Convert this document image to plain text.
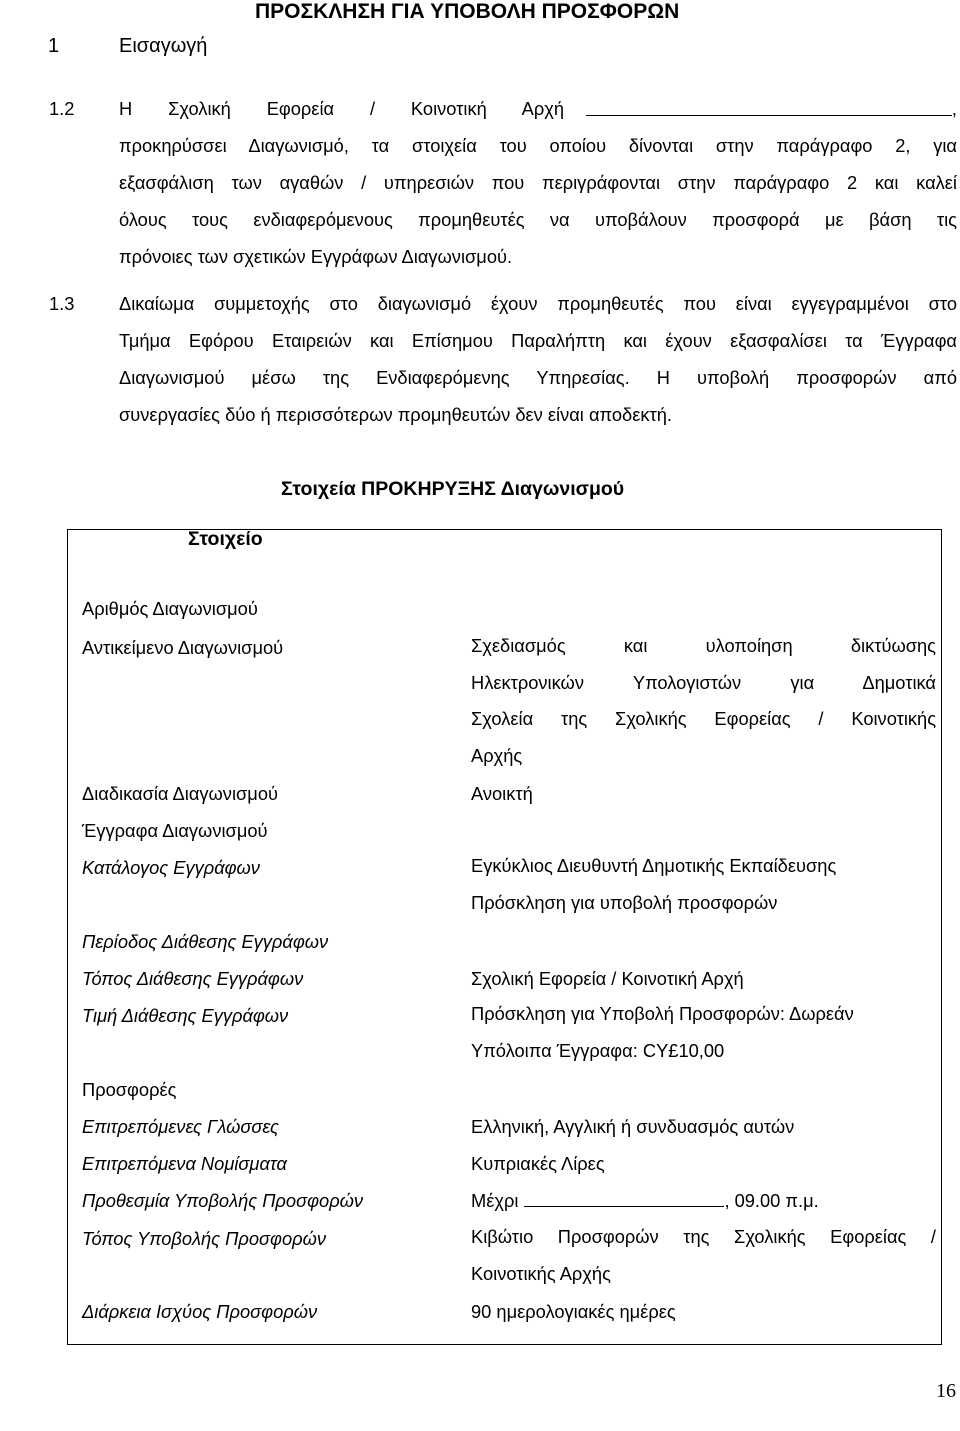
ΠΡΟΣΚΛΗΣΗ ΓΙΑ ΥΠΟΒΟΛΗ ΠΡΟΣΦΟΡΩΝ
1	Εισαγωγή
1.2	Η Σχολική Εφορεία / Κοινοτική Αρχή	,
προκηρύσσει Διαγωνισμό, τα στοιχεία του οποίου δίνονται στην παράγραφο 2, για
εξασφάλιση των αγαθών / υπηρεσιών που περιγράφονται στην παράγραφο 2 και καλεί
όλους τους ενδιαφερόμενους προμηθευτές να υποβάλουν προσφορά με βάση τις
πρόνοιες των σχετικών Εγγράφων Διαγωνισμού.
1.3	Δικαίωμα συμμετοχής στο διαγωνισμό έχουν προμηθευτές που είναι εγγεγραμμένοι στο
Τμήμα Εφόρου Εταιρειών και Επίσημου Παραλήπτη και έχουν εξασφαλίσει τα Έγγραφα
Διαγωνισμού μέσω της Ενδιαφερόμενης Υπηρεσίας. Η υποβολή προσφορών από
συνεργασίες δύο ή περισσότερων προμηθευτών δεν είναι αποδεκτή.
Στοιχεία ΠΡΟΚΗΡΥΞΗΣ Διαγωνισμού
Στοιχείο
Αριθμός Διαγωνισμού
Αντικείμενο Διαγωνισμού	Σχεδιασμός και υλοποίηση δικτύωσης
Ηλεκτρονικών Υπολογιστών για Δημοτικά
Σχολεία της Σχολικής Εφορείας / Κοινοτικής
Αρχής
Διαδικασία Διαγωνισμού	Ανοικτή
Έγγραφα Διαγωνισμού
Κατάλογος Εγγράφων	Εγκύκλιος Διευθυντή Δημοτικής Εκπαίδευσης
Πρόσκληση για υποβολή προσφορών
Περίοδος Διάθεσης Εγγράφων
Τόπος Διάθεσης Εγγράφων	Σχολική Εφορεία / Κοινοτική Αρχή
Τιμή Διάθεσης Εγγράφων	Πρόσκληση για Υποβολή Προσφορών: Δωρεάν
Υπόλοιπα Έγγραφα: CY£10,00
Προσφορές
Επιτρεπόμενες Γλώσσες	Ελληνική, Αγγλική ή συνδυασμός αυτών
Επιτρεπόμενα Νομίσματα	Κυπριακές Λίρες
Προθεσμία Υποβολής Προσφορών	Μέχρι	, 09.00 π.μ.
Τόπος Υποβολής Προσφορών	Κιβώτιο Προσφορών της Σχολικής Εφορείας /
Κοινοτικής Αρχής
Διάρκεια Ισχύος Προσφορών	90 ημερολογιακές ημέρες
16
